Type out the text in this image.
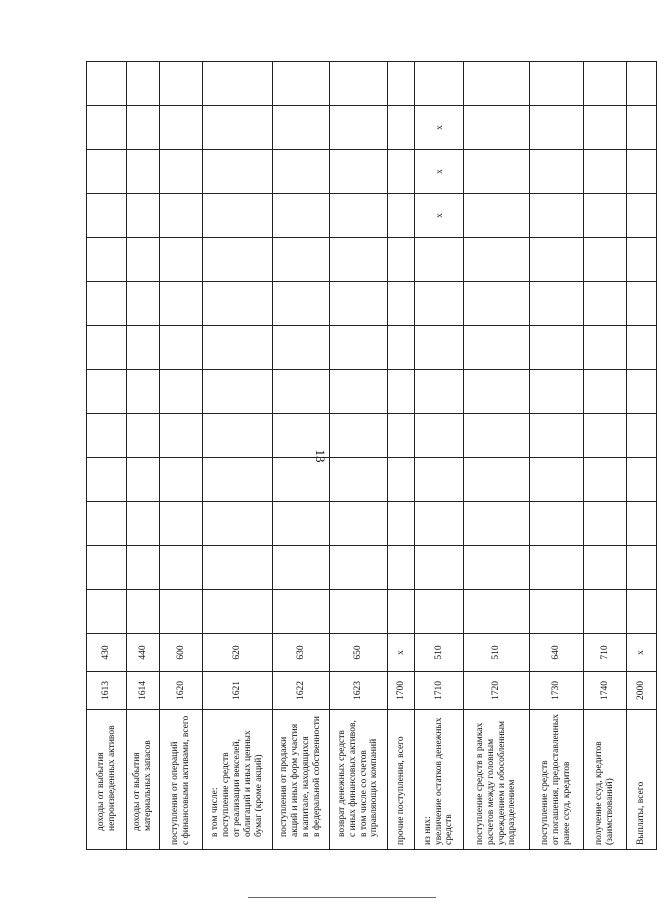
13
доходы от выбытия непроизведенных активов	1613	430													

доходы от выбытия материальных запасов	1614	440													

поступления от операций с финансовыми активами, всего	1620	600													

в том числе: поступление средств от реализации векселей, облигаций и иных ценных бумаг (кроме акций)	1621	620													

поступления от продажи акций и иных форм участия в капитале, находящихся в федеральной собственности	1622	630													

возврат денежных средств с иных финансовых активов, в том числе со счетов управляющих компаний	1623	650													

прочие поступления, всего	1700	x													

из них: увеличение остатков денежных средств	1710	510										x	x	x	

поступление средств в рамках расчетов между головным учреждением и обособленным подразделением	1720	510													

поступление средств от погашения, предоставленных ранее ссуд, кредитов	1730	640													

получение ссуд, кредитов (заимствований)	1740	710													

Выплаты, всего	2000	x													
